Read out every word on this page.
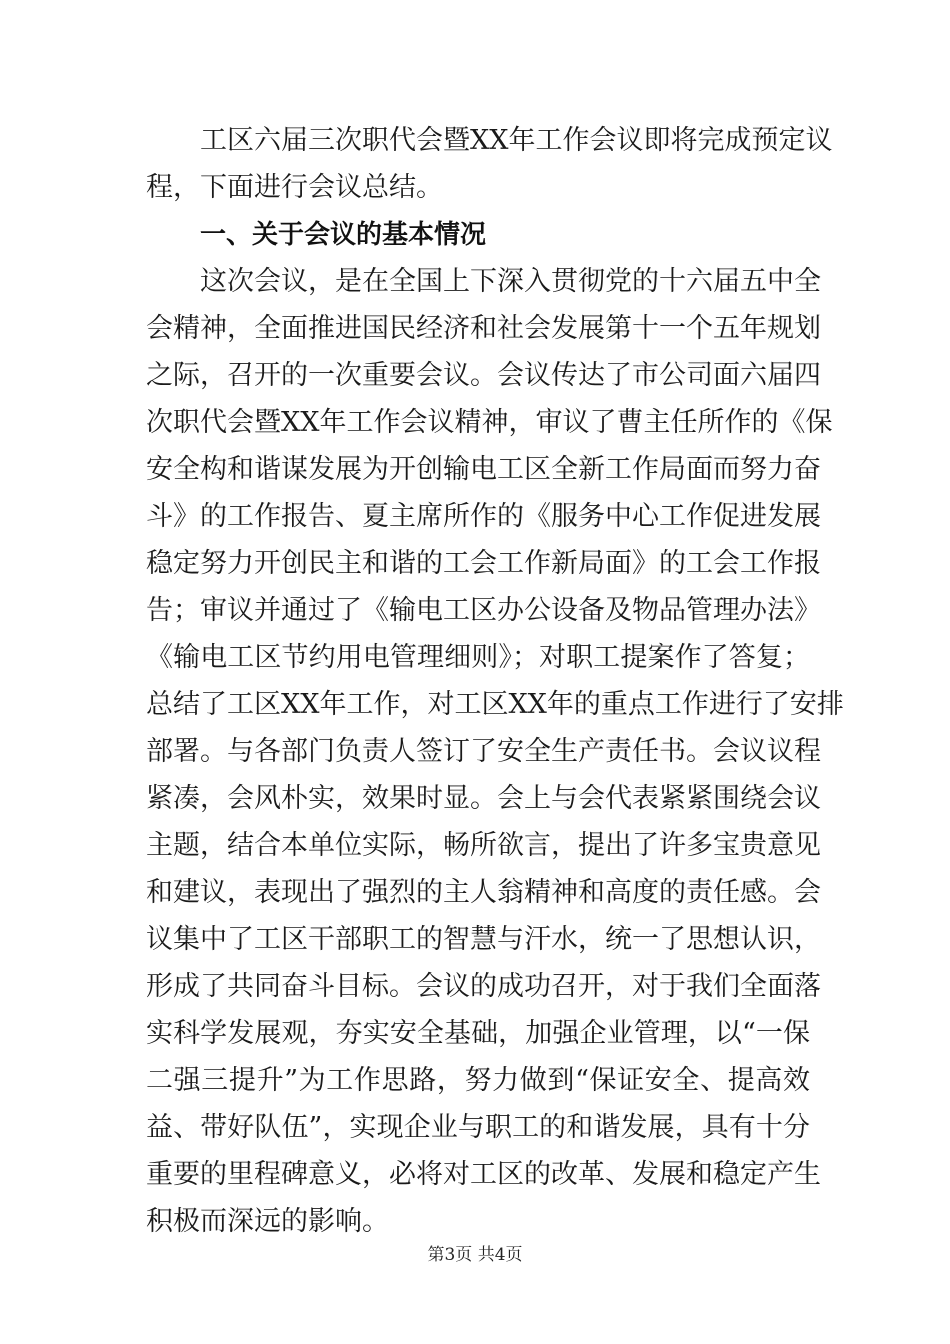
工区六届三次职代会暨XX年工作会议即将完成预定议
程，下面进行会议总结。
一、关于会议的基本情况
这次会议，是在全国上下深入贯彻党的十六届五中全
会精神，全面推进国民经济和社会发展第十一个五年规划
之际，召开的一次重要会议。会议传达了市公司面六届四
次职代会暨XX年工作会议精神，审议了曹主任所作的《保
安全构和谐谋发展为开创输电工区全新工作局面而努力奋
斗》的工作报告、夏主席所作的《服务中心工作促进发展
稳定努力开创民主和谐的工会工作新局面》的工会工作报
告；审议并通过了《输电工区办公设备及物品管理办法》
《输电工区节约用电管理细则》；对职工提案作了答复；
总结了工区XX年工作，对工区XX年的重点工作进行了安排
部署。与各部门负责人签订了安全生产责任书。会议议程
紧凑，会风朴实，效果时显。会上与会代表紧紧围绕会议
主题，结合本单位实际，畅所欲言，提出了许多宝贵意见
和建议，表现出了强烈的主人翁精神和高度的责任感。会
议集中了工区干部职工的智慧与汗水，统一了思想认识，
形成了共同奋斗目标。会议的成功召开，对于我们全面落
实科学发展观，夯实安全基础，加强企业管理，以“一保
二强三提升”为工作思路，努力做到“保证安全、提高效
益、带好队伍”，实现企业与职工的和谐发展，具有十分
重要的里程碑意义，必将对工区的改革、发展和稳定产生
积极而深远的影响。
第3页 共4页
